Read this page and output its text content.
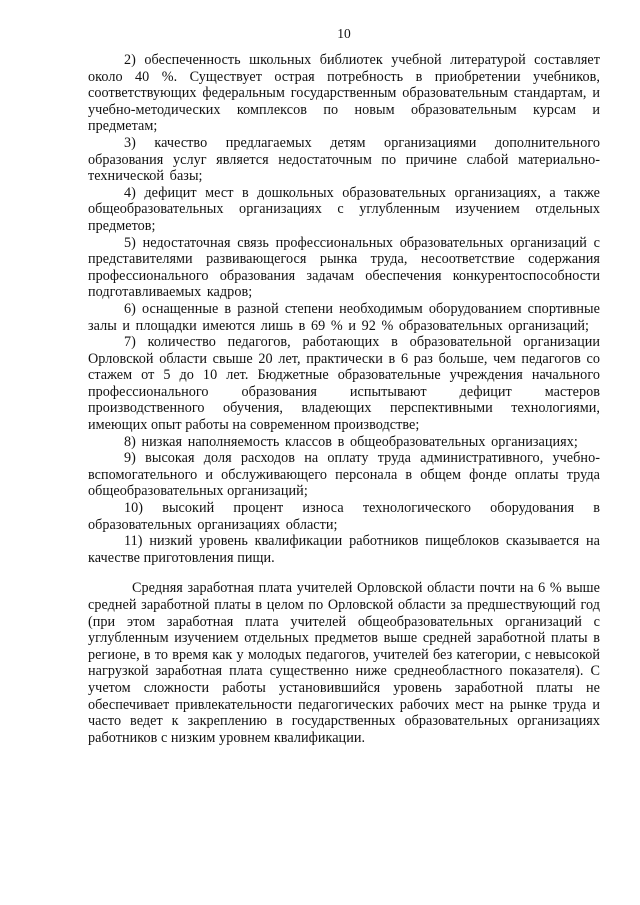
10

2) обеспеченность школьных библиотек учебной литературой составляет около 40 %. Существует острая потребность в приобретении учебников, соответствующих федеральным государственным образовательным стандартам, и учебно-методических комплексов по новым образовательным курсам и предметам;

3) качество предлагаемых детям организациями дополнительного образования услуг является недостаточным по причине слабой материально-технической базы;

4) дефицит мест в дошкольных образовательных организациях, а также общеобразовательных организациях с углубленным изучением отдельных предметов;

5) недостаточная связь профессиональных образовательных организаций с представителями развивающегося рынка труда, несоответствие содержания профессионального образования задачам обеспечения конкурентоспособности подготавливаемых кадров;

6) оснащенные в разной степени необходимым оборудованием спортивные залы и площадки имеются лишь в 69 % и 92 % образовательных организаций;

7) количество педагогов, работающих в образовательной организации Орловской области свыше 20 лет, практически в 6 раз больше, чем педагогов со стажем от 5 до 10 лет. Бюджетные образовательные учреждения начального профессионального образования испытывают дефицит мастеров производственного обучения, владеющих перспективными технологиями, имеющих опыт работы на современном производстве;

8) низкая наполняемость классов в общеобразовательных организациях;

9) высокая доля расходов на оплату труда административного, учебно-вспомогательного и обслуживающего персонала в общем фонде оплаты труда общеобразовательных организаций;

10) высокий процент износа технологического оборудования в образовательных организациях области;

11) низкий уровень квалификации работников пищеблоков сказывается на качестве приготовления пищи.

Средняя заработная плата учителей Орловской области почти на 6 % выше средней заработной платы в целом по Орловской области за предшествующий год (при этом заработная плата учителей общеобразовательных организаций с углубленным изучением отдельных предметов выше средней заработной платы в регионе, в то время как у молодых педагогов, учителей без категории, с невысокой нагрузкой заработная плата существенно ниже среднеобластного показателя). С учетом сложности работы установившийся уровень заработной платы не обеспечивает привлекательности педагогических рабочих мест на рынке труда и часто ведет к закреплению в государственных образовательных организациях работников с низким уровнем квалификации.
